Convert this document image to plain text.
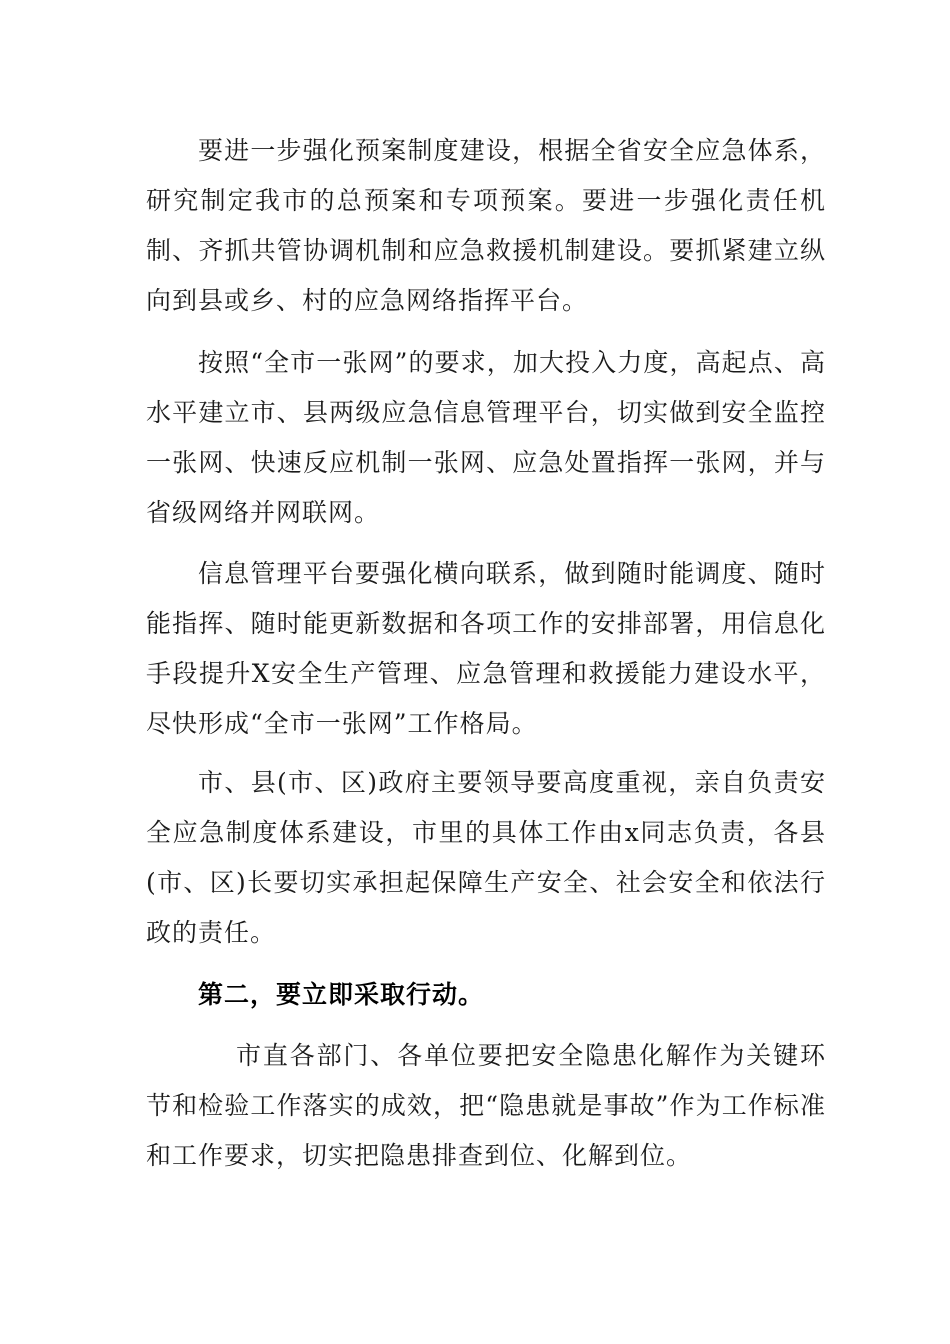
要进一步强化预案制度建设，根据全省安全应急体系，研究制定我市的总预案和专项预案。要进一步强化责任机制、齐抓共管协调机制和应急救援机制建设。要抓紧建立纵向到县或乡、村的应急网络指挥平台。

按照“全市一张网”的要求，加大投入力度，高起点、高水平建立市、县两级应急信息管理平台，切实做到安全监控一张网、快速反应机制一张网、应急处置指挥一张网，并与省级网络并网联网。

信息管理平台要强化横向联系，做到随时能调度、随时能指挥、随时能更新数据和各项工作的安排部署，用信息化手段提升X安全生产管理、应急管理和救援能力建设水平，尽快形成“全市一张网”工作格局。

市、县(市、区)政府主要领导要高度重视，亲自负责安全应急制度体系建设，市里的具体工作由x同志负责，各县(市、区)长要切实承担起保障生产安全、社会安全和依法行政的责任。

第二，要立即采取行动。

市直各部门、各单位要把安全隐患化解作为关键环节和检验工作落实的成效，把“隐患就是事故”作为工作标准和工作要求，切实把隐患排查到位、化解到位。
